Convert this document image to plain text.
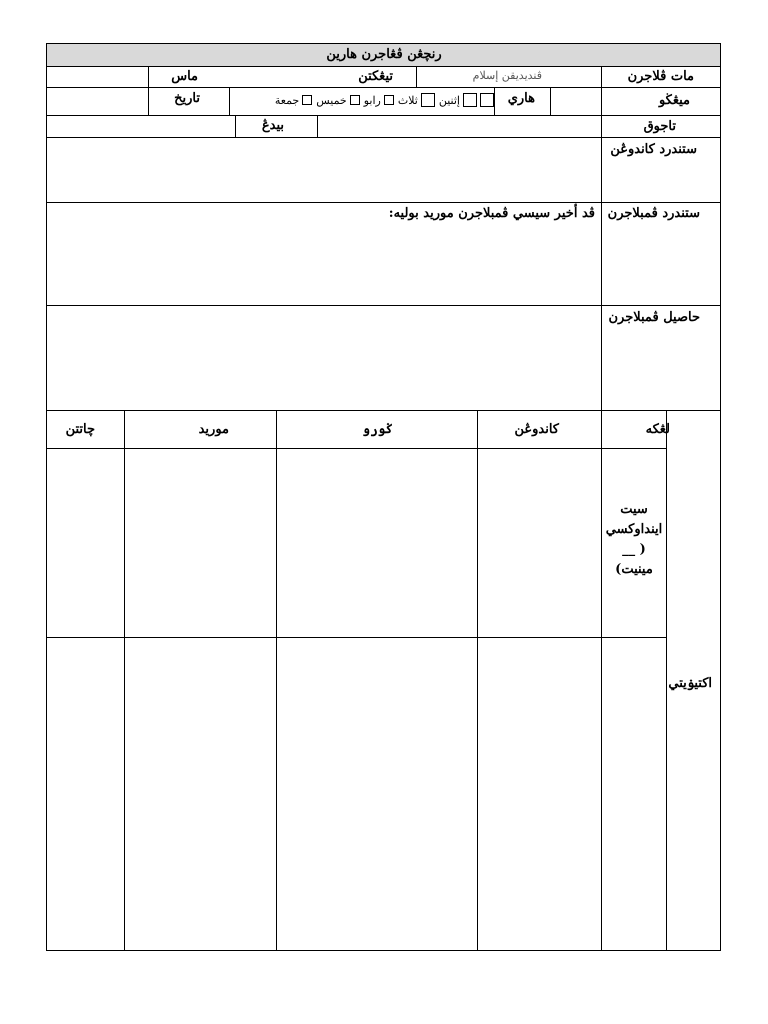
رنچڠن ڤڠاجرن هارين
مات ڤلاجرن
ڤنديديقن إسلام
تيڠكتن
ماس
ميڠڬو
هاري
إثنين
ثلاث
رابو
خميس
جمعة
تاريخ
تاجوق
بيدڠ
ستندرد كاندوڠن
ستندرد ڤمبلاجرن
ڤد أخير سيسي ڤمبلاجرن موريد بوليه:
حاصيل ڤمبلاجرن
لڠكه
كاندوڠن
ݢورو
موريد
چاتتن
سيت
اينداوكسي
( __
مينيت)
اكتيۏيتي
